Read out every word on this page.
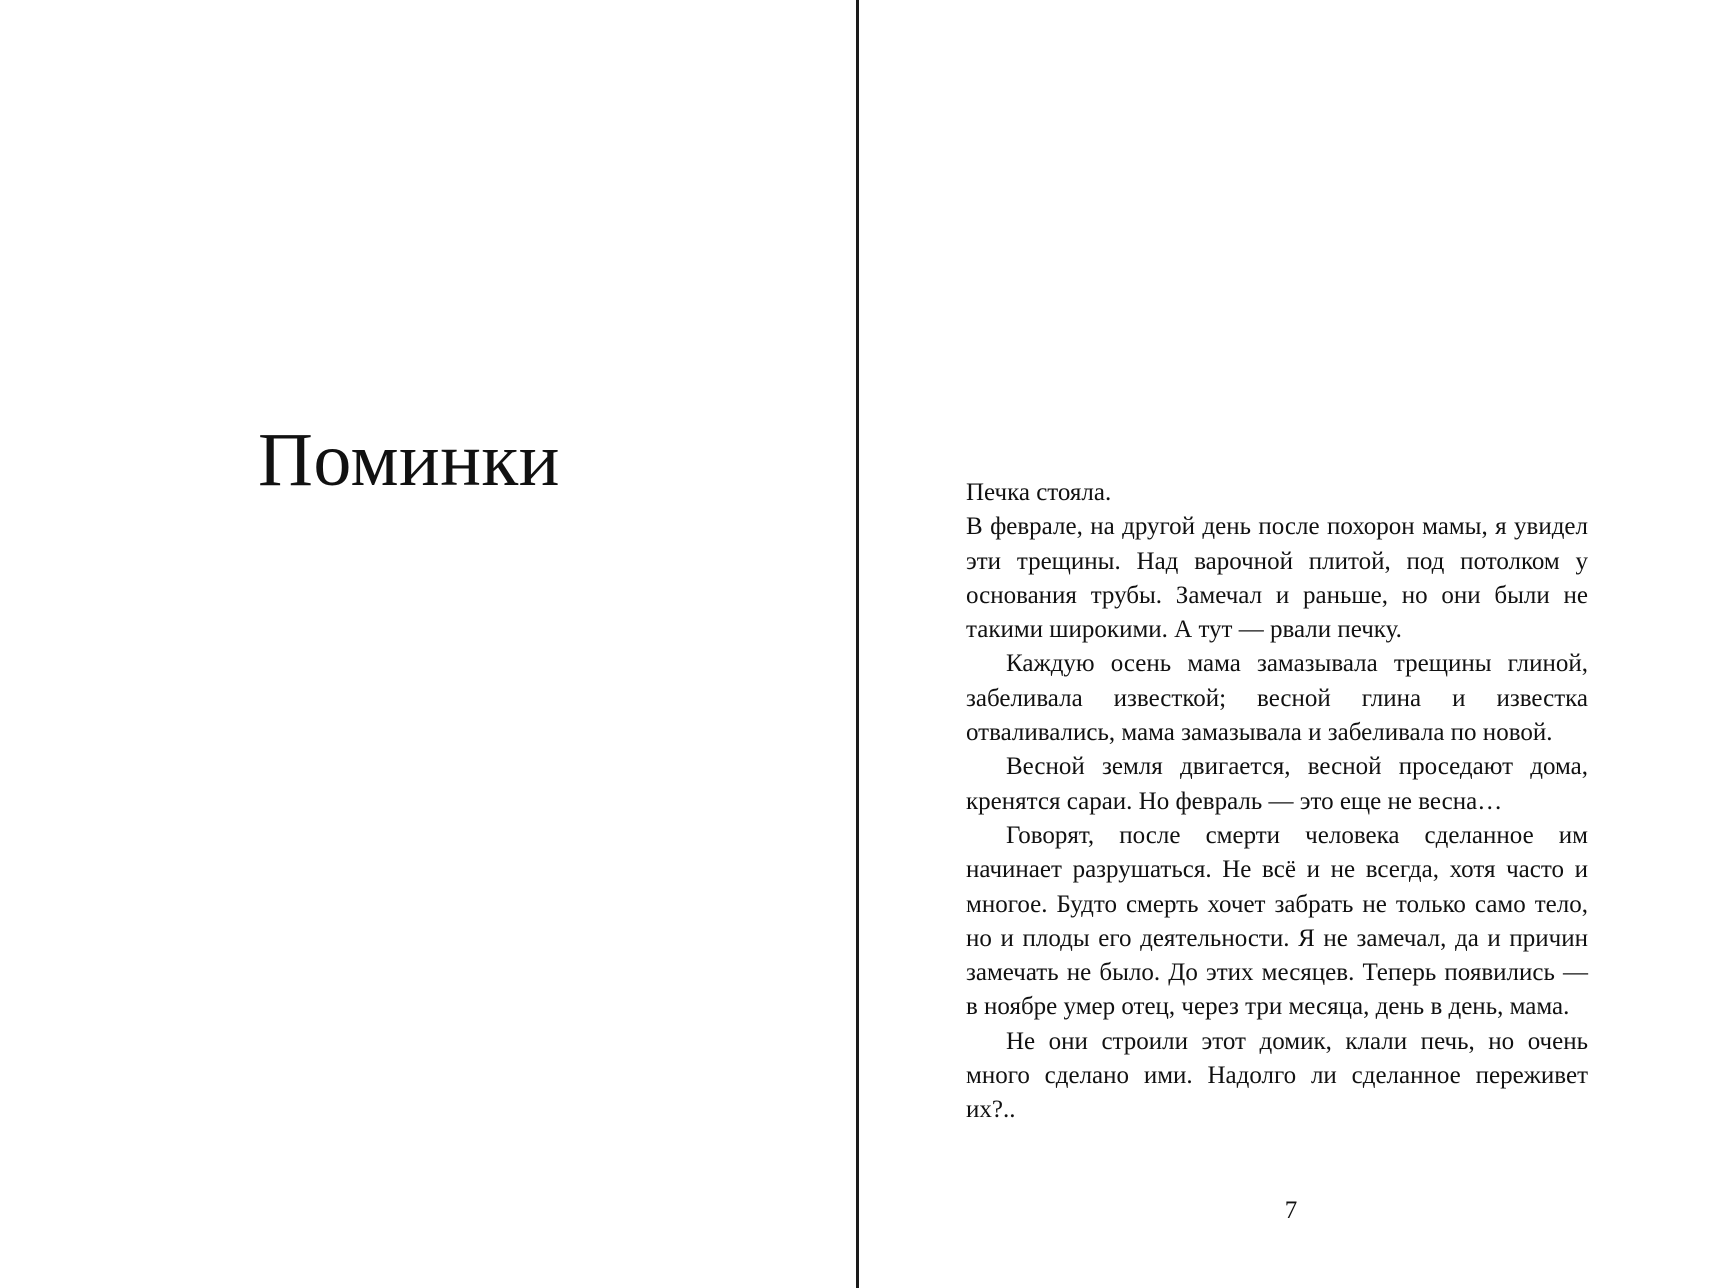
Поминки	Печка стояла.

В феврале, на другой день после похорон мамы, я увидел эти трещины. Над варочной плитой, под потолком у основания трубы. Замечал и раньше, но они были не такими широкими. А тут — рвали печку.

Каждую осень мама замазывала трещины глиной, забеливала известкой; весной глина и известка отваливались, мама замазывала и забеливала по новой.

Весной земля двигается, весной проседают дома, кренятся сараи. Но февраль — это еще не весна…

Говорят, после смерти человека сделанное им начинает разрушаться. Не всё и не всегда, хотя часто и многое. Будто смерть хочет забрать не только само тело, но и плоды его деятельности. Я не замечал, да и причин замечать не было. До этих месяцев. Теперь появились — в ноябре умер отец, через три месяца, день в день, мама.

Не они строили этот домик, клали печь, но очень много сделано ими. Надолго ли сделанное переживет их?..

7
